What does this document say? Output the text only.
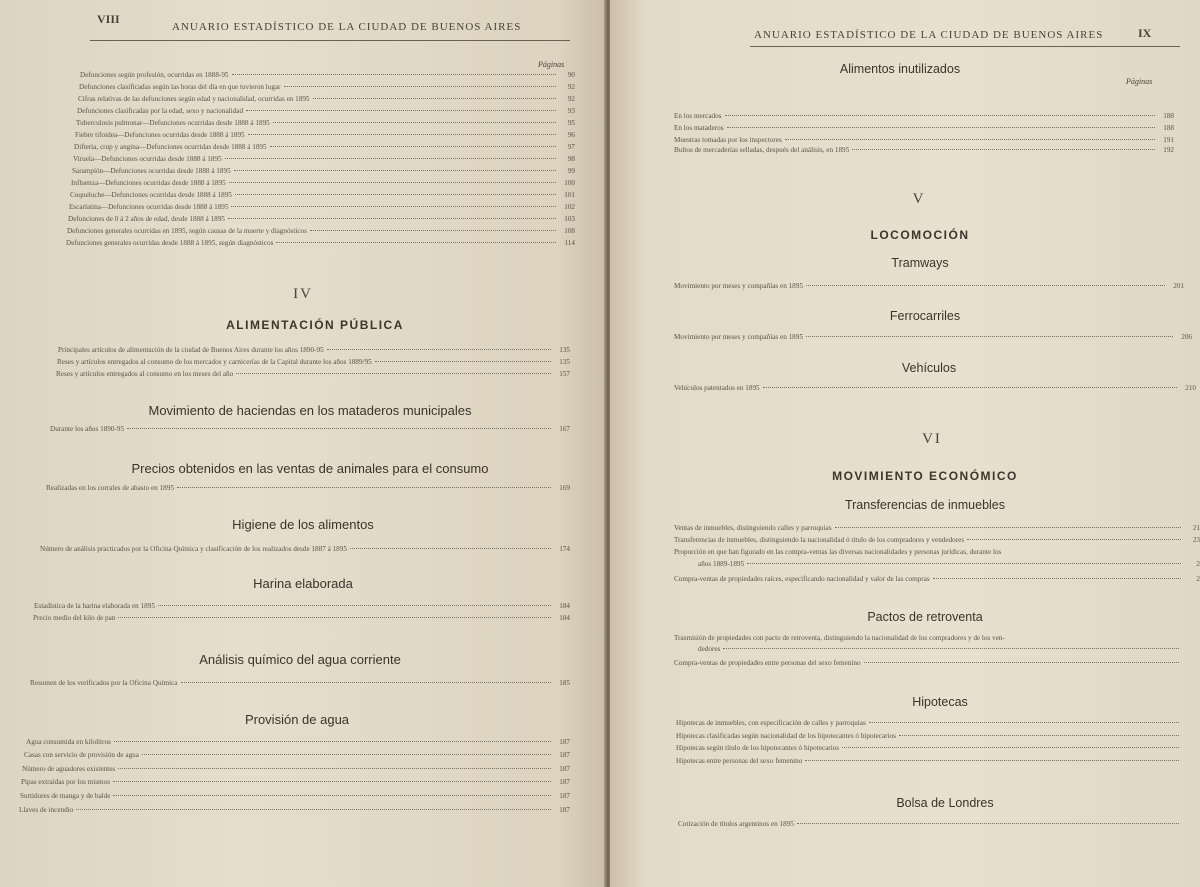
VIII
ANUARIO ESTADÍSTICO DE LA CIUDAD DE BUENOS AIRES
Páginas
Defunciones según profesión, ocurridas en 1888-95	90
Defunciones clasificadas según las horas del día en que tuvieron lugar	92
Cifras relativas de las defunciones según edad y nacionalidad, ocurridas en 1895	92
Defunciones clasificadas por la edad, sexo y nacionalidad	93
Tuberculosis pulmonar—Defunciones ocurridas desde 1888 á 1895	95
Fiebre tifoidea—Defunciones ocurridas desde 1888 á 1895	96
Difteria, crup y angina—Defunciones ocurridas desde 1888 á 1895	97
Viruela—Defunciones ocurridas desde 1888 á 1895	98
Sarampión—Defunciones ocurridas desde 1888 á 1895	99
Influenza—Defunciones ocurridas desde 1888 á 1895	100
Coqueluche—Defunciones ocurridas desde 1888 á 1895	101
Escarlatina—Defunciones ocurridas desde 1888 á 1895	102
Defunciones de 0 á 2 años de edad, desde 1888 á 1895	103
Defunciones generales ocurridas en 1895, según causas de la muerte y diagnósticos	108
Defunciones generales ocurridas desde 1888 á 1895, según diagnósticos	114
IV
ALIMENTACIÓN PÚBLICA
Principales artículos de alimentación de la ciudad de Buenos Aires durante los años 1890-95	135
Reses y artículos entregados al consumo de los mercados y carnicerías de la Capital durante los años 1889/95	135
Reses y artículos entregados al consumo en los meses del año	157
Movimiento de haciendas en los mataderos municipales
Durante los años 1890-95	167
Precios obtenidos en las ventas de animales para el consumo
Realizadas en los corrales de abasto en 1895	169
Higiene de los alimentos
Número de análisis practicados por la Oficina Química y clasificación de los realizados desde 1887 á 1895	174
Harina elaborada
Estadística de la harina elaborada en 1895	184
Precio medio del kilo de pan	184
Análisis químico del agua corriente
Resumen de los verificados por la Oficina Química	185
Provisión de agua
Agua consumida en kilolitros	187
Casas con servicio de provisión de agua	187
Número de aguadores existentes	187
Pipas extraídas por los mismos	187
Surtidores de manga y de balde	187
Llaves de incendio	187
ANUARIO ESTADÍSTICO DE LA CIUDAD DE BUENOS AIRES	IX
Alimentos inutilizados
Páginas
En los mercados	188
En los mataderos	188
Muestras tomadas por los inspectores	191
Bultos de mercaderías selladas, después del análisis, en 1895	192
V
LOCOMOCIÓN
Tramways
Movimiento por meses y compañías en 1895	201
Ferrocarriles
Movimiento por meses y compañías en 1895	206
Vehículos
Vehículos patentados en 1895	210
VI
MOVIMIENTO ECONÓMICO
Transferencias de inmuebles
Ventas de inmuebles, distinguiendo calles y parroquias	21
Transferencias de inmuebles, distinguiendo la nacionalidad ó título de los compradores y vendedores	23
Proporción en que han figurado en las compra-ventas las diversas nacionalidades y personas jurídicas, durante los
años 1889-1895	2
Compra-ventas de propiedades raíces, especificando nacionalidad y valor de las compras	2
Pactos de retroventa
Trasmisión de propiedades con pacto de retroventa, distinguiendo la nacionalidad de los compradores y de los ven-
dedores
Compra-ventas de propiedades entre personas del sexo femenino
Hipotecas
Hipotecas de inmuebles, con especificación de calles y parroquias
Hipotecas clasificadas según nacionalidad de los hipotecantes ó hipotecarios
Hipotecas según título de los hipotecantes ó hipotecarios
Hipotecas entre personas del sexo femenino
Bolsa de Londres
Cotización de títulos argentinos en 1895
